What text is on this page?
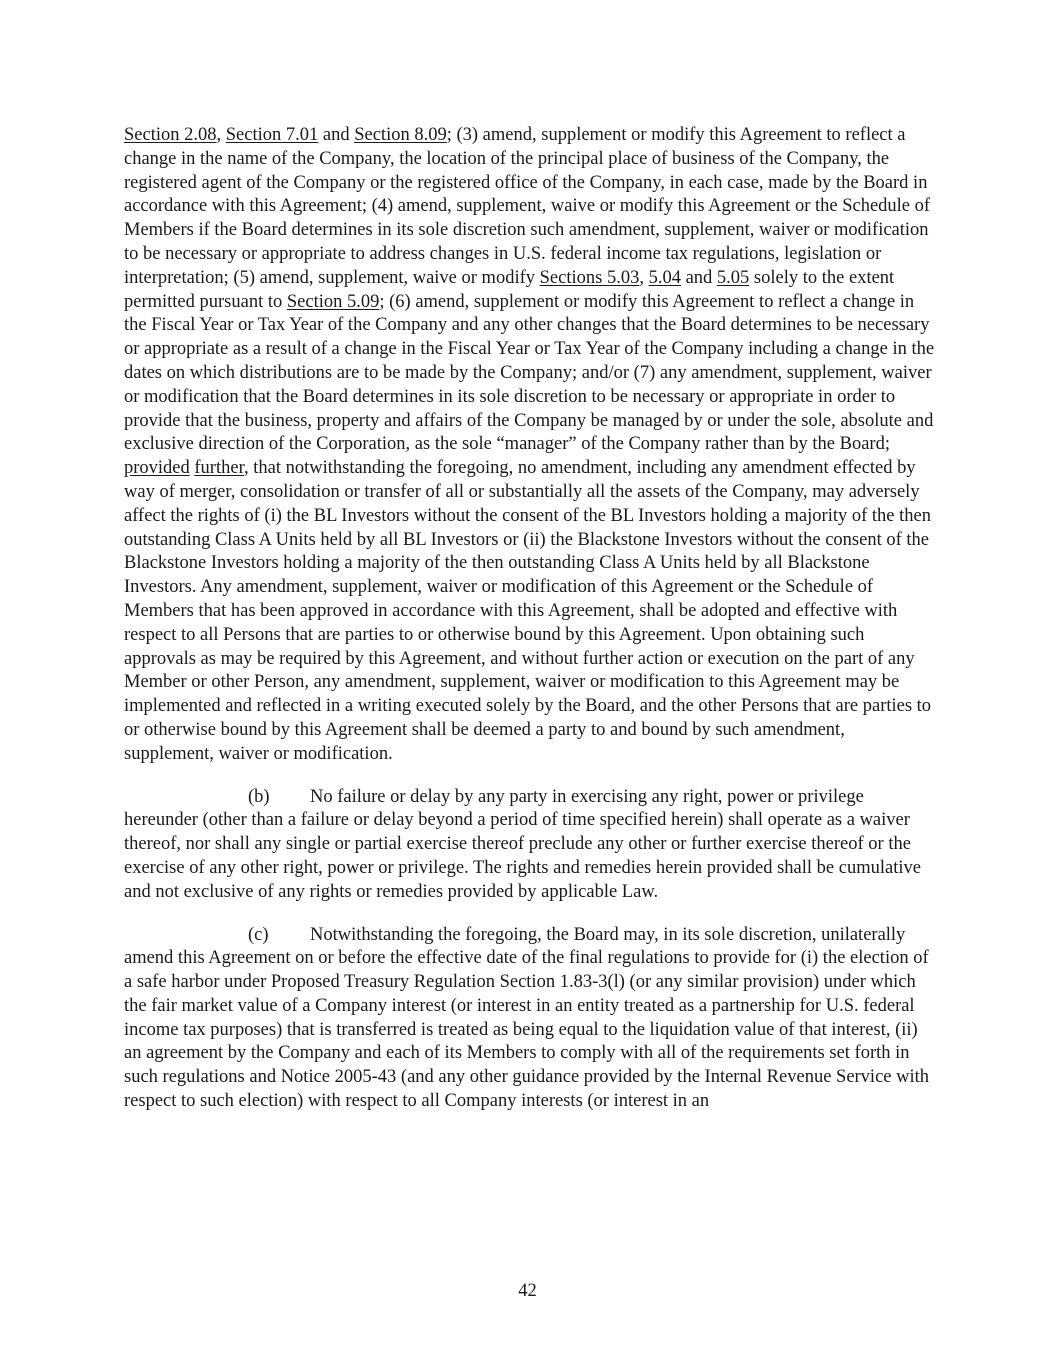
Section 2.08, Section 7.01 and Section 8.09; (3) amend, supplement or modify this Agreement to reflect a change in the name of the Company, the location of the principal place of business of the Company, the registered agent of the Company or the registered office of the Company, in each case, made by the Board in accordance with this Agreement; (4) amend, supplement, waive or modify this Agreement or the Schedule of Members if the Board determines in its sole discretion such amendment, supplement, waiver or modification to be necessary or appropriate to address changes in U.S. federal income tax regulations, legislation or interpretation; (5) amend, supplement, waive or modify Sections 5.03, 5.04 and 5.05 solely to the extent permitted pursuant to Section 5.09; (6) amend, supplement or modify this Agreement to reflect a change in the Fiscal Year or Tax Year of the Company and any other changes that the Board determines to be necessary or appropriate as a result of a change in the Fiscal Year or Tax Year of the Company including a change in the dates on which distributions are to be made by the Company; and/or (7) any amendment, supplement, waiver or modification that the Board determines in its sole discretion to be necessary or appropriate in order to provide that the business, property and affairs of the Company be managed by or under the sole, absolute and exclusive direction of the Corporation, as the sole “manager” of the Company rather than by the Board; provided further, that notwithstanding the foregoing, no amendment, including any amendment effected by way of merger, consolidation or transfer of all or substantially all the assets of the Company, may adversely affect the rights of (i) the BL Investors without the consent of the BL Investors holding a majority of the then outstanding Class A Units held by all BL Investors or (ii) the Blackstone Investors without the consent of the Blackstone Investors holding a majority of the then outstanding Class A Units held by all Blackstone Investors. Any amendment, supplement, waiver or modification of this Agreement or the Schedule of Members that has been approved in accordance with this Agreement, shall be adopted and effective with respect to all Persons that are parties to or otherwise bound by this Agreement. Upon obtaining such approvals as may be required by this Agreement, and without further action or execution on the part of any Member or other Person, any amendment, supplement, waiver or modification to this Agreement may be implemented and reflected in a writing executed solely by the Board, and the other Persons that are parties to or otherwise bound by this Agreement shall be deemed a party to and bound by such amendment, supplement, waiver or modification.

(b) No failure or delay by any party in exercising any right, power or privilege hereunder (other than a failure or delay beyond a period of time specified herein) shall operate as a waiver thereof, nor shall any single or partial exercise thereof preclude any other or further exercise thereof or the exercise of any other right, power or privilege. The rights and remedies herein provided shall be cumulative and not exclusive of any rights or remedies provided by applicable Law.

(c) Notwithstanding the foregoing, the Board may, in its sole discretion, unilaterally amend this Agreement on or before the effective date of the final regulations to provide for (i) the election of a safe harbor under Proposed Treasury Regulation Section 1.83-3(l) (or any similar provision) under which the fair market value of a Company interest (or interest in an entity treated as a partnership for U.S. federal income tax purposes) that is transferred is treated as being equal to the liquidation value of that interest, (ii) an agreement by the Company and each of its Members to comply with all of the requirements set forth in such regulations and Notice 2005-43 (and any other guidance provided by the Internal Revenue Service with respect to such election) with respect to all Company interests (or interest in an

42
